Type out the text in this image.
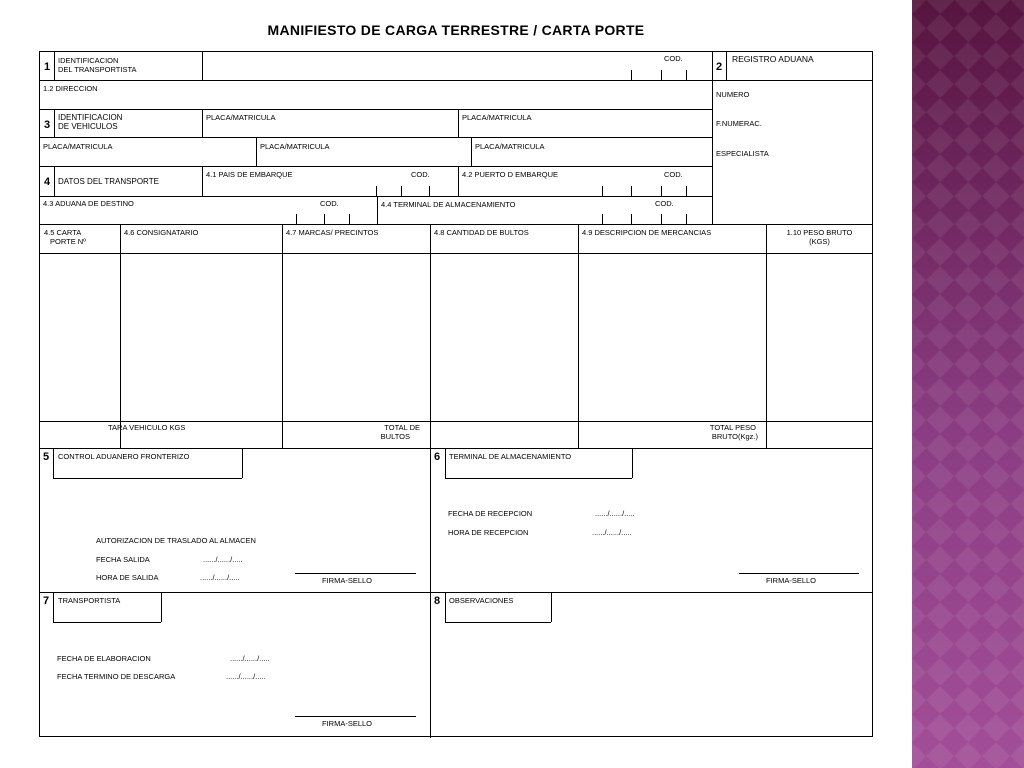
MANIFIESTO DE CARGA TERRESTRE / CARTA PORTE
1
IDENTIFICACION
DEL TRANSPORTISTA
COD.
2
REGISTRO ADUANA
1.2 DIRECCION
NUMERO
F.NUMERAC.
ESPECIALISTA
3
IDENTIFICACION
DE VEHICULOS
PLACA/MATRICULA	PLACA/MATRICULA
PLACA/MATRICULA	PLACA/MATRICULA	PLACA/MATRICULA
4 DATOS DEL TRANSPORTE
4.1 PAIS DE EMBARQUE	COD.	4.2 PUERTO D EMBARQUE	COD.
4.3 ADUANA DE DESTINO	COD.	4.4 TERMINAL DE ALMACENAMIENTO	COD.
4.5 CARTA
PORTE Nº
4.6 CONSIGNATARIO	4.7 MARCAS/ PRECINTOS	4.8 CANTIDAD DE BULTOS	4.9 DESCRIPCION DE MERCANCIAS	1.10 PESO BRUTO
(KGS)
TARA VEHICULO KGS	TOTAL DE
BULTOS
TOTAL PESO
BRUTO(Kgz.)
5 CONTROL ADUANERO FRONTERIZO
AUTORIZACION DE TRASLADO AL ALMACEN
FECHA SALIDA	....../....../.....
HORA DE SALIDA	....../....../.....	FIRMA-SELLO
6 TERMINAL DE ALMACENAMIENTO
FECHA DE RECEPCION	....../....../.....
HORA DE RECEPCION	....../....../.....
FIRMA-SELLO
7 TRANSPORTISTA
FECHA DE ELABORACION	....../....../.....
FECHA TERMINO DE DESCARGA	....../....../.....
FIRMA-SELLO
8 OBSERVACIONES
